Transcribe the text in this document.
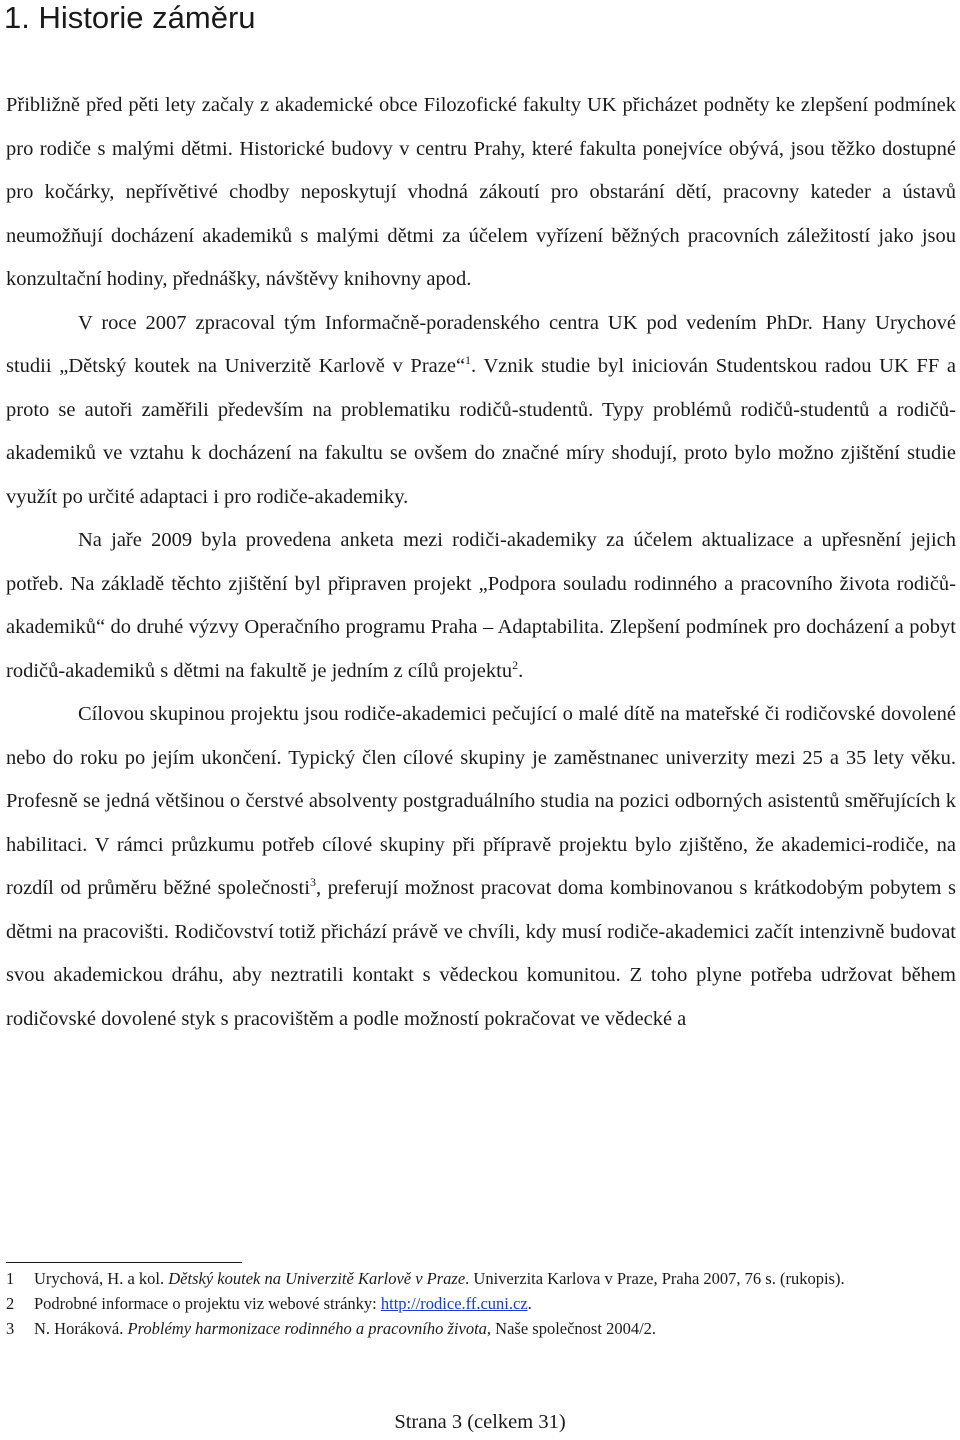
1. Historie záměru

Přibližně před pěti lety začaly z akademické obce Filozofické fakulty UK přicházet podněty ke zlepšení podmínek pro rodiče s malými dětmi. Historické budovy v centru Prahy, které fakulta ponejvíce obývá, jsou těžko dostupné pro kočárky, nepřívětivé chodby neposkytují vhodná zákoutí pro obstarání dětí, pracovny kateder a ústavů neumožňují docházení akademiků s malými dětmi za účelem vyřízení běžných pracovních záležitostí jako jsou konzultační hodiny, přednášky, návštěvy knihovny apod.

V roce 2007 zpracoval tým Informačně-poradenského centra UK pod vedením PhDr. Hany Urychové studii „Dětský koutek na Univerzitě Karlově v Praze“$^1$. Vznik studie byl iniciován Studentskou radou UK FF a proto se autoři zaměřili především na problematiku rodičů-studentů. Typy problémů rodičů-studentů a rodičů-akademiků ve vztahu k docházení na fakultu se ovšem do značné míry shodují, proto bylo možno zjištění studie využít po určité adaptaci i pro rodiče-akademiky.

Na jaře 2009 byla provedena anketa mezi rodiči-akademiky za účelem aktualizace a upřesnění jejich potřeb. Na základě těchto zjištění byl připraven projekt „Podpora souladu rodinného a pracovního života rodičů-akademiků“ do druhé výzvy Operačního programu Praha – Adaptabilita. Zlepšení podmínek pro docházení a pobyt rodičů-akademiků s dětmi na fakultě je jedním z cílů projektu$^2$.

Cílovou skupinou projektu jsou rodiče-akademici pečující o malé dítě na mateřské či rodičovské dovolené nebo do roku po jejím ukončení. Typický člen cílové skupiny je zaměstnanec univerzity mezi 25 a 35 lety věku. Profesně se jedná většinou o čerstvé absolventy postgraduálního studia na pozici odborných asistentů směřujících k habilitaci. V rámci průzkumu potřeb cílové skupiny při přípravě projektu bylo zjištěno, že akademici-rodiče, na rozdíl od průměru běžné společnosti$^3$, preferují možnost pracovat doma kombinovanou s krátkodobým pobytem s dětmi na pracovišti. Rodičovství totiž přichází právě ve chvíli, kdy musí rodiče-akademici začít intenzivně budovat svou akademickou dráhu, aby neztratili kontakt s vědeckou komunitou. Z toho plyne potřeba udržovat během rodičovské dovolené styk s pracovištěm a podle možností pokračovat ve vědecké a

1	Urychová, H. a kol. Dětský koutek na Univerzitě Karlově v Praze. Univerzita Karlova v Praze, Praha 2007, 76 s. (rukopis).
2	Podrobné informace o projektu viz webové stránky: http://rodice.ff.cuni.cz.
3	N. Horáková. Problémy harmonizace rodinného a pracovního života, Naše společnost 2004/2.
Strana 3 (celkem 31)
